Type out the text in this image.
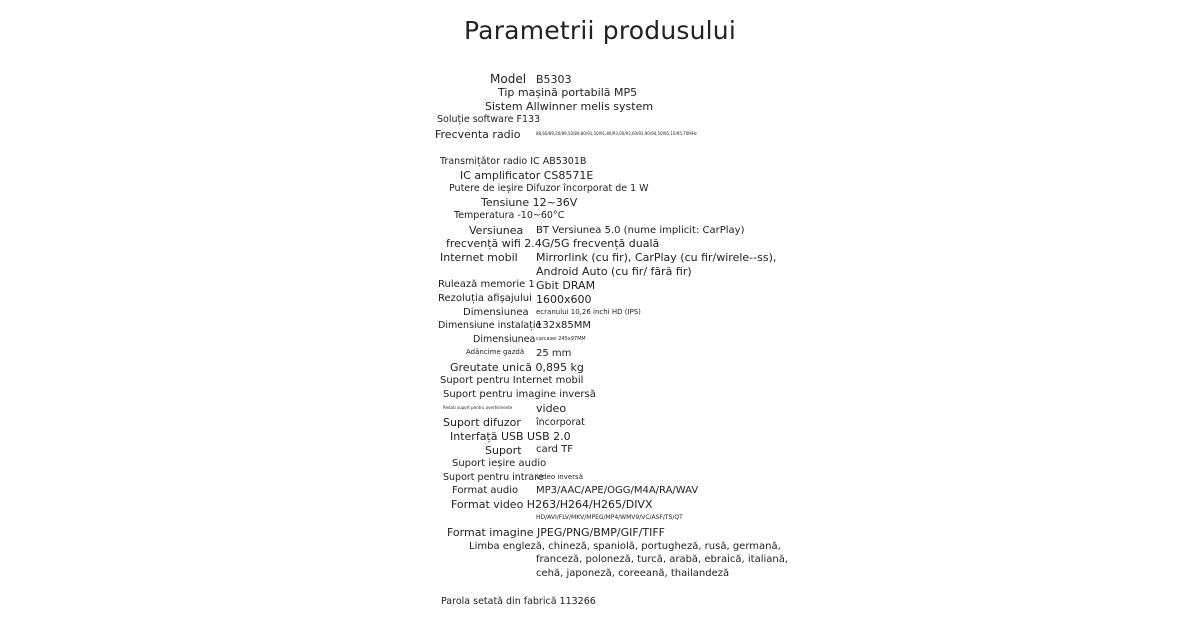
Parametrii produsului
Model B5303
Tip mașină portabilă MP5
Sistem Allwinner melis system
Soluție software F133
Frecventa radio	88,60/89,20/89,50/89,80/91,50/91,80/93,00/93,60/93,90/94,50/95,10/95,70MHz
Transmițător radio IC AB5301B
IC amplificator CS8571E
Putere de ieșire Difuzor încorporat de 1 W
Tensiune 12~36V
Temperatura -10~60°C
Versiunea BT Versiunea 5.0 (nume implicit: CarPlay)
frecvență wifi 2.4G/5G frecvență duală
Internet mobil Mirrorlink (cu fir), CarPlay (cu fir/wirele--ss),
Android Auto (cu fir/ fără fir)
Rulează memorie 1 Gbit DRAM
Rezoluția afișajului 1600x600
Dimensiunea ecranului 10,26 inchi HD (IPS)
Dimensiune instalație
132x85MM
Dimensiunea carcasei 245x97MM
Adâncime gazdă 25 mm
Greutate unică 0,895 kg
Suport pentru Internet mobil
Suport pentru imagine inversă
Redați suport pentru avertismente video
Suport difuzor încorporat
Interfață USB USB 2.0
Suport card TF
Suport ieșire audio
Suport pentru intrare
video inversă
Format audio MP3/AAC/APE/OGG/M4A/RA/WAV
Format video H263/H264/H265/DIVX
HD/AVI/FLV/MKV/MPEG/MP4/WMV9/VC/ASF/TS/QT
Format imagine JPEG/PNG/BMP/GIF/TIFF
Limba engleză, chineză, spaniolă, portugheză, rusă, germană,
franceză, poloneză, turcă, arabă, ebraică, italiană,
cehă, japoneză, coreeană, thailandeză
Parola setată din fabrică 113266
